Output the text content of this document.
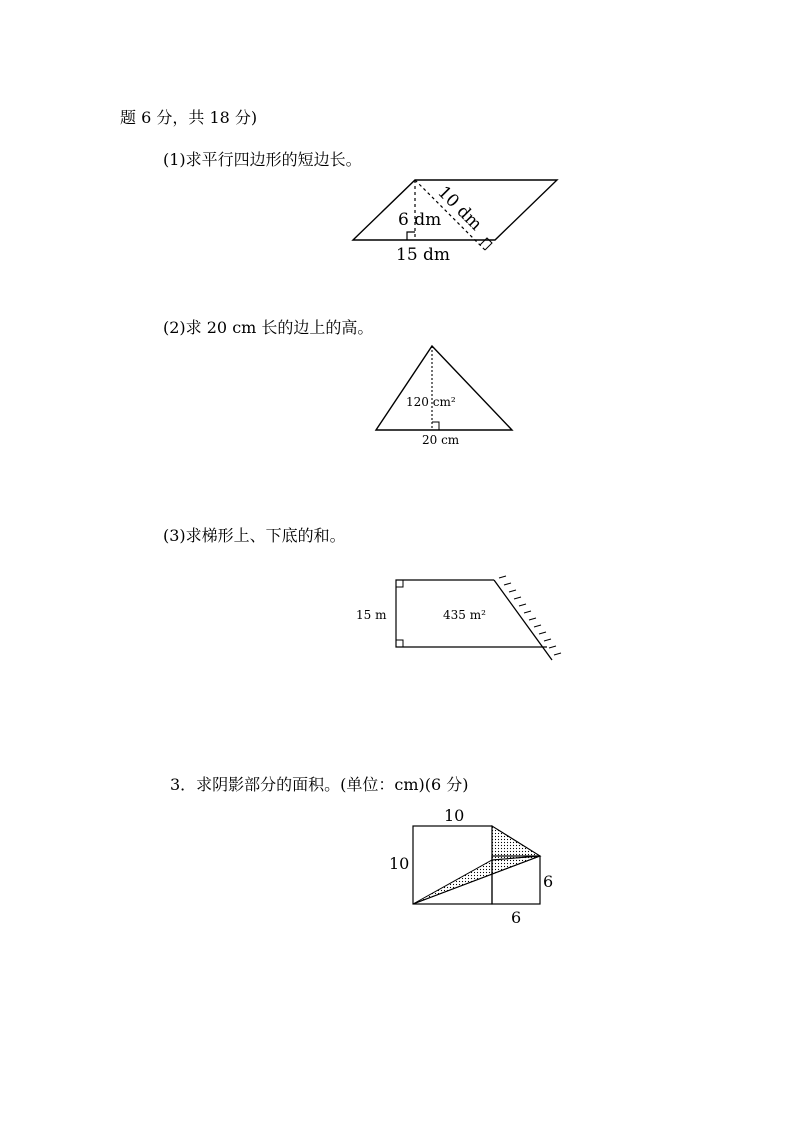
题 6 分，共 18 分)
(1)求平行四边形的短边长。
6 dm
10 dm
15 dm
(2)求 20 cm 长的边上的高。
120 cm²
20 cm
(3)求梯形上、下底的和。
15 m	435 m²
3．求阴影部分的面积。(单位：cm)(6 分)
10
10
6
6
